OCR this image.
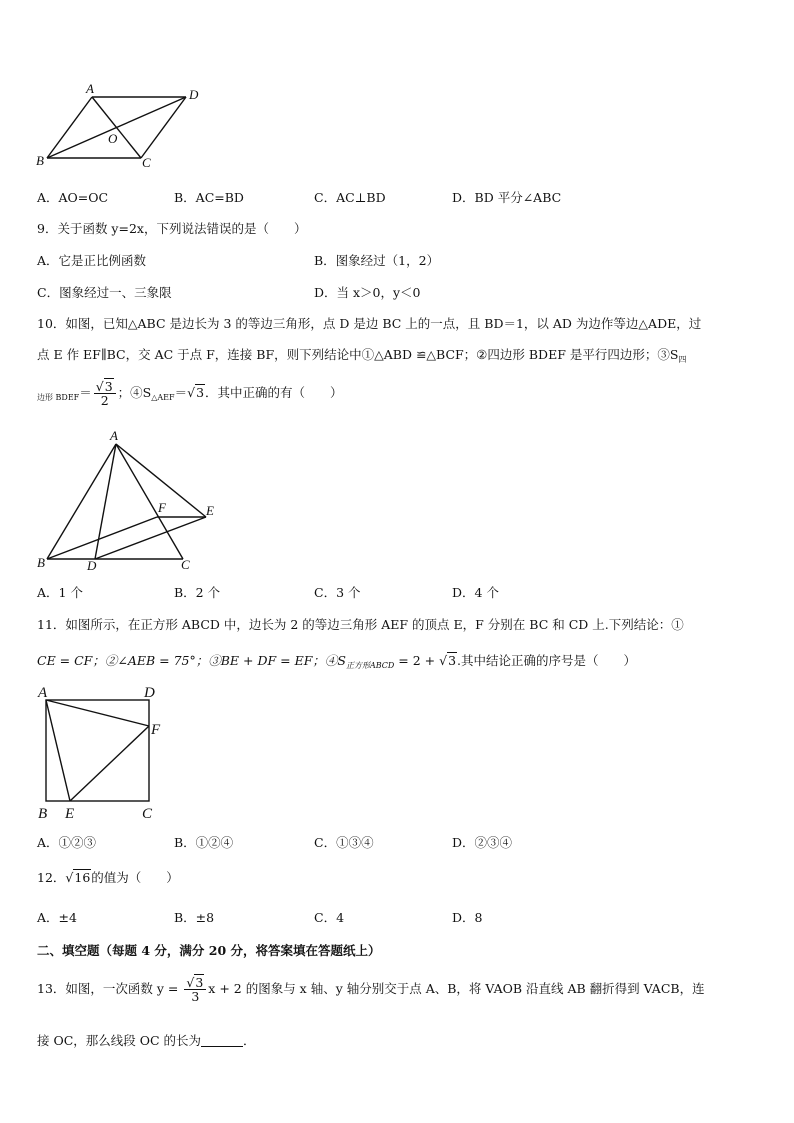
A	D
B
O
C
A．AO=OC	B．AC=BD	C．AC⊥BD	D．BD 平分∠ABC
9．关于函数 y=2x，下列说法错误的是（　　）
A．它是正比例函数	B．图象经过（1，2）
C．图象经过一、三象限	D．当 x＞0，y＜0
10．如图，已知△ABC 是边长为 3 的等边三角形，点 D 是边 BC 上的一点，且 BD＝1，以 AD 为边作等边△ADE，过
点 E 作 EF∥BC，交 AC 于点 F，连接 BF，则下列结论中①△ABD ≌△BCF；②四边形 BDEF 是平行四边形；$③S_四$
$_{边形 BDEF}= \frac{√3}{2}$ ；$④S_{\triangle AEF}=√3$．其中正确的有（　　）
A
F	E
B	D	C
A．1 个	B．2 个	C．3 个	D．4 个
11．如图所示，在正方形 ABCD 中，边长为 2 的等边三角形 AEF 的顶点 E，F 分别在 BC 和 CD 上.下列结论：①
CE = CF；②∠AEB = 75°；③BE + DF = EF；$④S_{正方形ABCD} = 2 + √3$.其中结论正确的序号是（　　）
A	D
F
B E	C
A．①②③	B．①②④	C．①③④	D．②③④
12．√16的值为（　　）
A．±4	B．±8	C．4	D．8
二、填空题（每题 4 分，满分 20 分，将答案填在答题纸上）
13．如图，一次函数 $y = \frac{√3}{3}$ x + 2 的图象与 x 轴、y 轴分别交于点 A、B，将 VAOB 沿直线 AB 翻折得到 VACB，连
接 OC，那么线段 OC 的长为	．
